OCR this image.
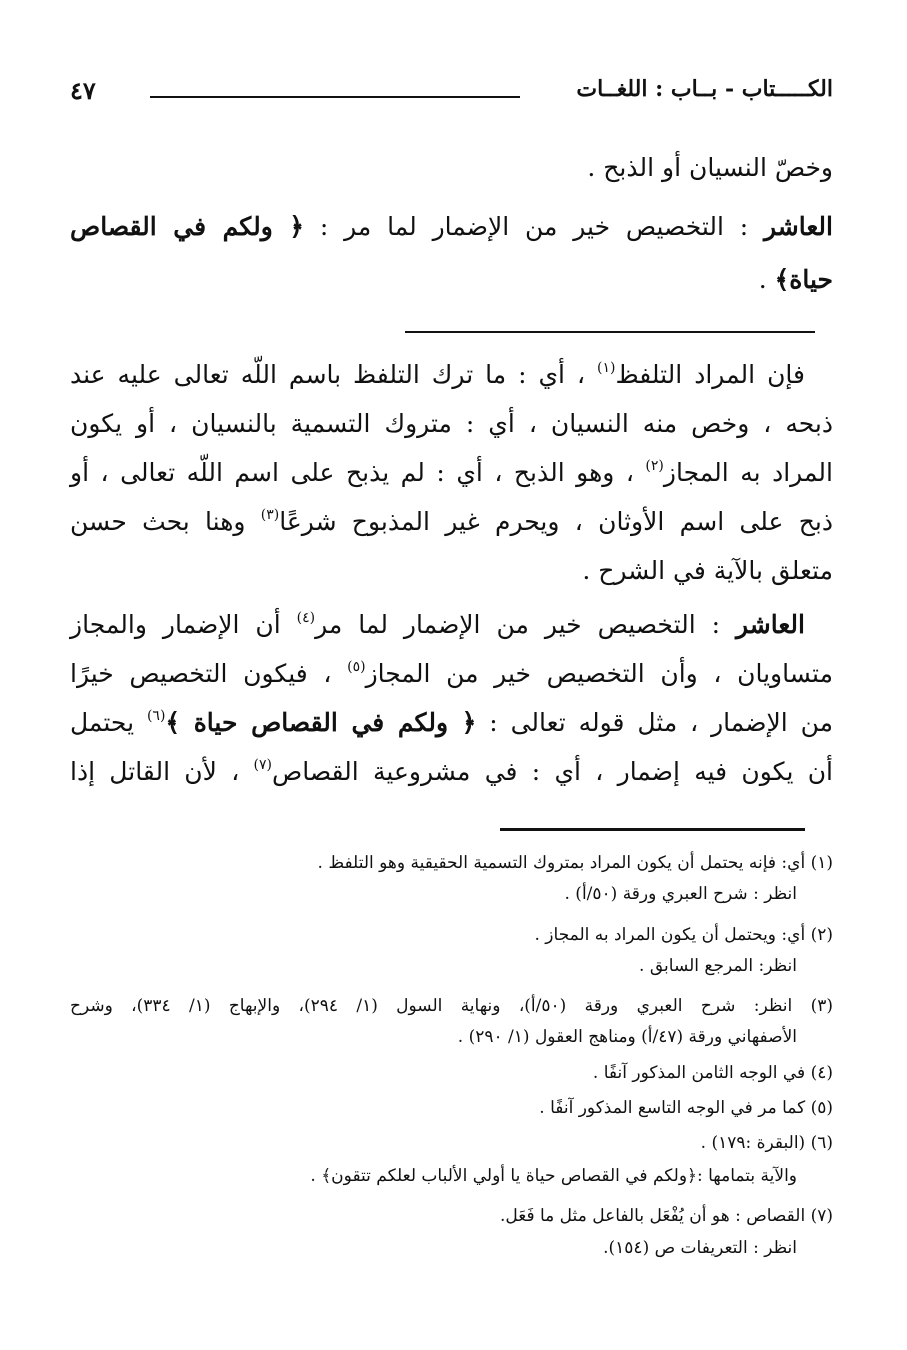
الكـــــتاب - بــاب : اللغــات
٤٧
وخصّ النسيان أو الذبح .
العاشر : التخصيص خير من الإضمار لما مر : ﴿ ولكم في القصاص
حياة﴾ .
فإن المراد التلفظ$^{(١)}$ ، أي : ما ترك التلفظ باسم اللّه تعالى عليه عند
ذبحه ، وخص منه النسيان ، أي : متروك التسمية بالنسيان ، أو يكون
المراد به المجاز$^{(٢)}$ ، وهو الذبح ، أي : لم يذبح على اسم اللّه تعالى ، أو
ذبح على اسم الأوثان ، ويحرم غير المذبوح شرعًا$^{(٣)}$ وهنا بحث حسن
متعلق بالآية في الشرح .
العاشر : التخصيص خير من الإضمار لما مر$^{(٤)}$ أن الإضمار والمجاز
متساويان ، وأن التخصيص خير من المجاز$^{(٥)}$ ، فيكون التخصيص خيرًا
من الإضمار ، مثل قوله تعالى : ﴿ ولكم في القصاص حياة ﴾$^{(٦)}$ يحتمل
أن يكون فيه إضمار ، أي : في مشروعية القصاص$^{(٧)}$ ، لأن القاتل إذا
(١) أي: فإنه يحتمل أن يكون المراد بمتروك التسمية الحقيقية وهو التلفظ .
انظر : شرح العبري ورقة (٥٠/أ) .
(٢) أي: ويحتمل أن يكون المراد به المجاز .
انظر: المرجع السابق .
(٣) انظر: شرح العبري ورقة (٥٠/أ)، ونهاية السول (١/ ٢٩٤)، والإبهاج (١/ ٣٣٤)، وشرح
الأصفهاني ورقة (٤٧/أ) ومناهج العقول (١/ ٢٩٠) .
(٤) في الوجه الثامن المذكور آنفًا .
(٥) كما مر في الوجه التاسع المذكور آنفًا .
(٦) (البقرة :١٧٩) .
والآية بتمامها :﴿ولكم في القصاص حياة يا أولي الألباب لعلكم تتقون﴾ .
(٧) القصاص : هو أن يُفْعَل بالفاعل مثل ما فَعَل.
انظر : التعريفات ص (١٥٤).
